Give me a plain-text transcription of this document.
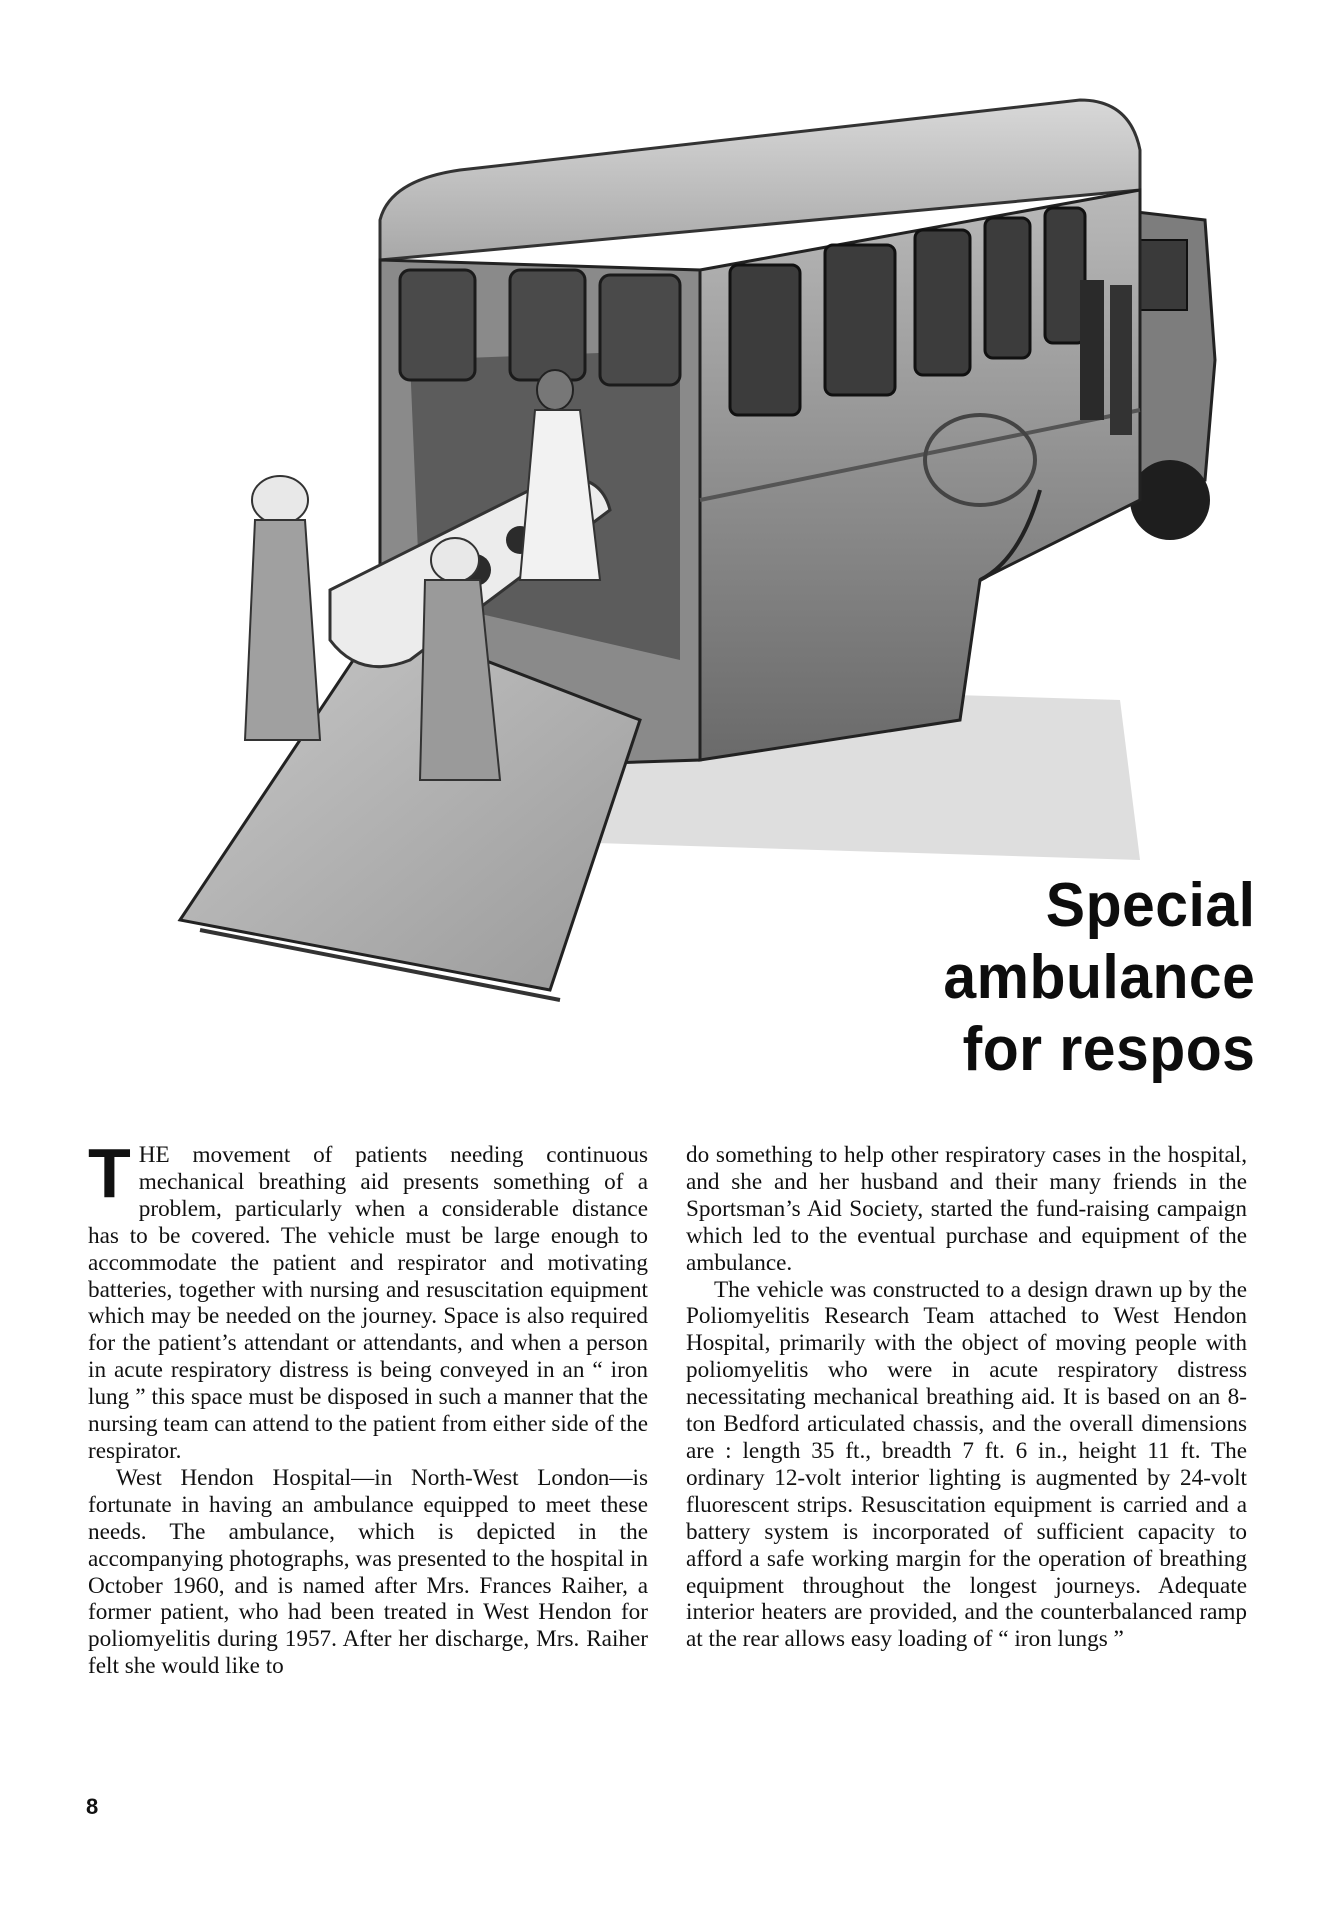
Special
ambulance
for respos

THE movement of patients needing continuous mechanical breathing aid presents something of a problem, particularly when a considerable distance has to be covered. The vehicle must be large enough to accommodate the patient and respirator and motivating batteries, together with nursing and resuscitation equipment which may be needed on the journey. Space is also required for the patient’s attendant or attendants, and when a person in acute respiratory distress is being conveyed in an “ iron lung ” this space must be disposed in such a manner that the nursing team can attend to the patient from either side of the respirator.

West Hendon Hospital—in North-West London—is fortunate in having an ambulance equipped to meet these needs. The ambulance, which is depicted in the accompanying photographs, was presented to the hospital in October 1960, and is named after Mrs. Frances Raiher, a former patient, who had been treated in West Hendon for poliomyelitis during 1957. After her discharge, Mrs. Raiher felt she would like to

do something to help other respiratory cases in the hospital, and she and her husband and their many friends in the Sportsman’s Aid Society, started the fund-raising campaign which led to the eventual purchase and equipment of the ambulance.

The vehicle was constructed to a design drawn up by the Poliomyelitis Research Team attached to West Hendon Hospital, primarily with the object of moving people with poliomyelitis who were in acute respiratory distress necessitating mechanical breathing aid. It is based on an 8-ton Bedford articulated chassis, and the overall dimensions are : length 35 ft., breadth 7 ft. 6 in., height 11 ft. The ordinary 12-volt interior lighting is augmented by 24-volt fluorescent strips. Resuscitation equipment is carried and a battery system is incorporated of sufficient capacity to afford a safe working margin for the operation of breathing equipment throughout the longest journeys. Adequate interior heaters are provided, and the counterbalanced ramp at the rear allows easy loading of “ iron lungs ”

8
